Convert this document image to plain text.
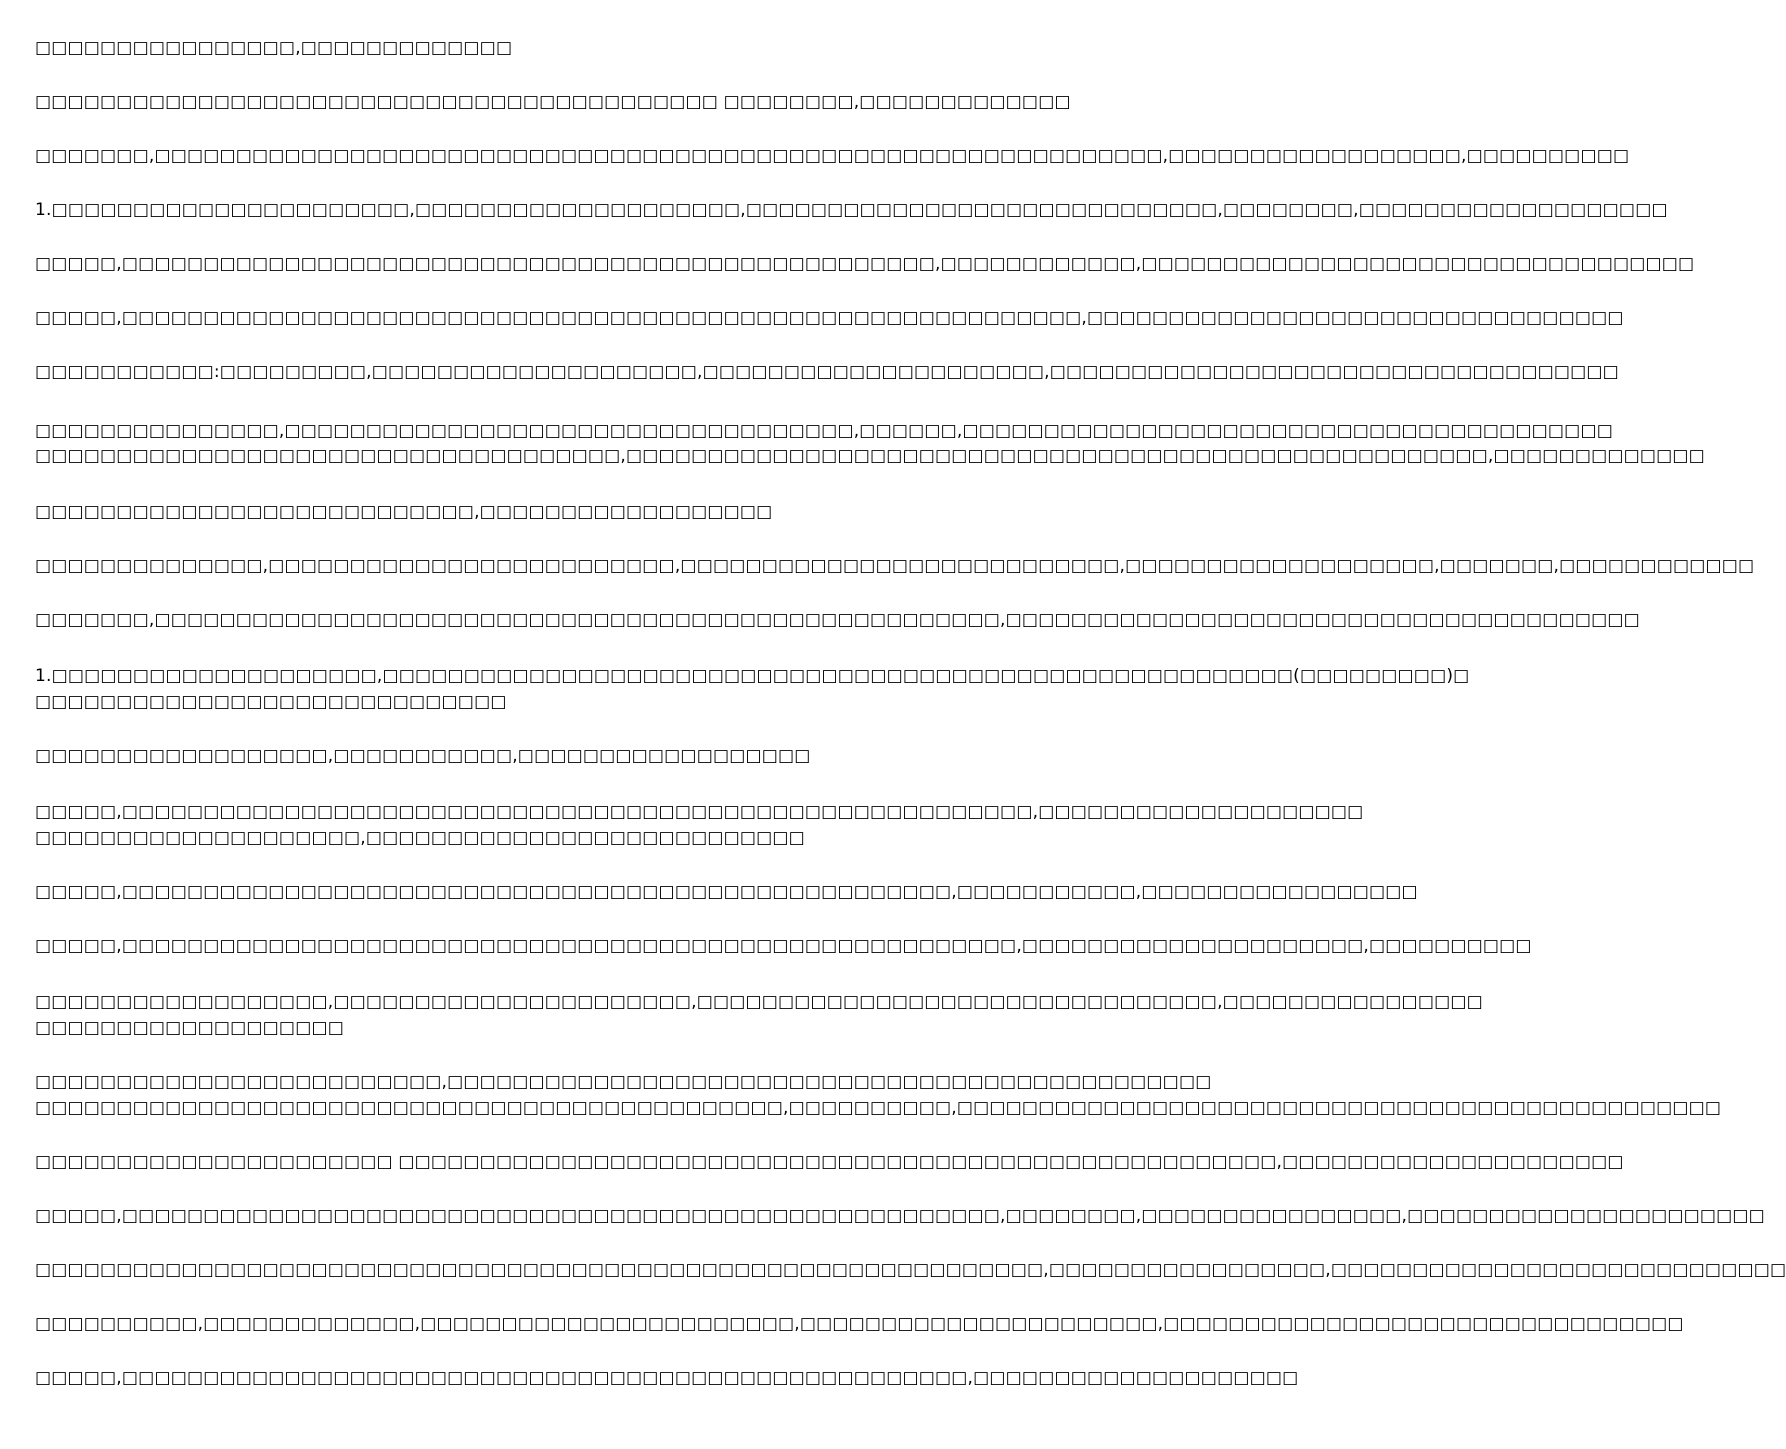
□□□□□□□□□□□□□□□□,□□□□□□□□□□□□□
□□□□□□□□□□□□□□□□□□□□□□□□□□□□□□□□□□□□□□□□□□ □□□□□□□□,□□□□□□□□□□□□□
□□□□□□□,□□□□□□□□□□□□□□□□□□□□□□□□□□□□□□□□□□□□□□□□□□□□□□□□□□□□□□□□□□□□□□,□□□□□□□□□□□□□□□□□□,□□□□□□□□□□
1.□□□□□□□□□□□□□□□□□□□□□□,□□□□□□□□□□□□□□□□□□□□,□□□□□□□□□□□□□□□□□□□□□□□□□□□□□,□□□□□□□□,□□□□□□□□□□□□□□□□□□□
□□□□□,□□□□□□□□□□□□□□□□□□□□□□□□□□□□□□□□□□□□□□□□□□□□□□□□□□,□□□□□□□□□□□□,□□□□□□□□□□□□□□□□□□□□□□□□□□□□□□□□□□
□□□□□,□□□□□□□□□□□□□□□□□□□□□□□□□□□□□□□□□□□□□□□□□□□□□□□□□□□□□□□□□□□,□□□□□□□□□□□□□□□□□□□□□□□□□□□□□□□□□
□□□□□□□□□□□:□□□□□□□□□,□□□□□□□□□□□□□□□□□□□□,□□□□□□□□□□□□□□□□□□□□□,□□□□□□□□□□□□□□□□□□□□□□□□□□□□□□□□□□□
□□□□□□□□□□□□□□□,□□□□□□□□□□□□□□□□□□□□□□□□□□□□□□□□□□□,□□□□□□,□□□□□□□□□□□□□□□□□□□□□□□□□□□□□□□□□□□□□□□□
□□□□□□□□□□□□□□□□□□□□□□□□□□□□□□□□□□□□,□□□□□□□□□□□□□□□□□□□□□□□□□□□□□□□□□□□□□□□□□□□□□□□□□□□□□,□□□□□□□□□□□□□
□□□□□□□□□□□□□□□□□□□□□□□□□□□,□□□□□□□□□□□□□□□□□□
□□□□□□□□□□□□□□,□□□□□□□□□□□□□□□□□□□□□□□□□,□□□□□□□□□□□□□□□□□□□□□□□□□□□,□□□□□□□□□□□□□□□□□□□,□□□□□□□,□□□□□□□□□□□□
□□□□□□□,□□□□□□□□□□□□□□□□□□□□□□□□□□□□□□□□□□□□□□□□□□□□□□□□□□□□,□□□□□□□□□□□□□□□□□□□□□□□□□□□□□□□□□□□□□□□
1.□□□□□□□□□□□□□□□□□□□□,□□□□□□□□□□□□□□□□□□□□□□□□□□□□□□□□□□□□□□□□□□□□□□□□□□□□□□□□(□□□□□□□□□)□
□□□□□□□□□□□□□□□□□□□□□□□□□□□□□
□□□□□□□□□□□□□□□□□□,□□□□□□□□□□□,□□□□□□□□□□□□□□□□□□
□□□□□,□□□□□□□□□□□□□□□□□□□□□□□□□□□□□□□□□□□□□□□□□□□□□□□□□□□□□□□□,□□□□□□□□□□□□□□□□□□□□
□□□□□□□□□□□□□□□□□□□□,□□□□□□□□□□□□□□□□□□□□□□□□□□□
□□□□□,□□□□□□□□□□□□□□□□□□□□□□□□□□□□□□□□□□□□□□□□□□□□□□□□□□□,□□□□□□□□□□□,□□□□□□□□□□□□□□□□□
□□□□□,□□□□□□□□□□□□□□□□□□□□□□□□□□□□□□□□□□□□□□□□□□□□□□□□□□□□□□□,□□□□□□□□□□□□□□□□□□□□□,□□□□□□□□□□
□□□□□□□□□□□□□□□□□□,□□□□□□□□□□□□□□□□□□□□□□,□□□□□□□□□□□□□□□□□□□□□□□□□□□□□□□□,□□□□□□□□□□□□□□□□
□□□□□□□□□□□□□□□□□□□
□□□□□□□□□□□□□□□□□□□□□□□□□,□□□□□□□□□□□□□□□□□□□□□□□□□□□□□□□□□□□□□□□□□□□□□□□
□□□□□□□□□□□□□□□□□□□□□□□□□□□□□□□□□□□□□□□□□□□□□□,□□□□□□□□□□,□□□□□□□□□□□□□□□□□□□□□□□□□□□□□□□□□□□□□□□□□□□□□□□
□□□□□□□□□□□□□□□□□□□□□□ □□□□□□□□□□□□□□□□□□□□□□□□□□□□□□□□□□□□□□□□□□□□□□□□□□□□□□,□□□□□□□□□□□□□□□□□□□□□
□□□□□,□□□□□□□□□□□□□□□□□□□□□□□□□□□□□□□□□□□□□□□□□□□□□□□□□□□□□□,□□□□□□□□,□□□□□□□□□□□□□□□□,□□□□□□□□□□□□□□□□□□□□□□
□□□□□□□□□□□□□□□□□□□□□□□□□□□□□□□□□□□□□□□□□□□□□□□□□□□□□□□□□□□□□□,□□□□□□□□□□□□□□□□□,□□□□□□□□□□□□□□□□□□□□□□□□□□□□
□□□□□□□□□□,□□□□□□□□□□□□□,□□□□□□□□□□□□□□□□□□□□□□□,□□□□□□□□□□□□□□□□□□□□□□,□□□□□□□□□□□□□□□□□□□□□□□□□□□□□□□□
□□□□□,□□□□□□□□□□□□□□□□□□□□□□□□□□□□□□□□□□□□□□□□□□□□□□□□□□□□,□□□□□□□□□□□□□□□□□□□□
